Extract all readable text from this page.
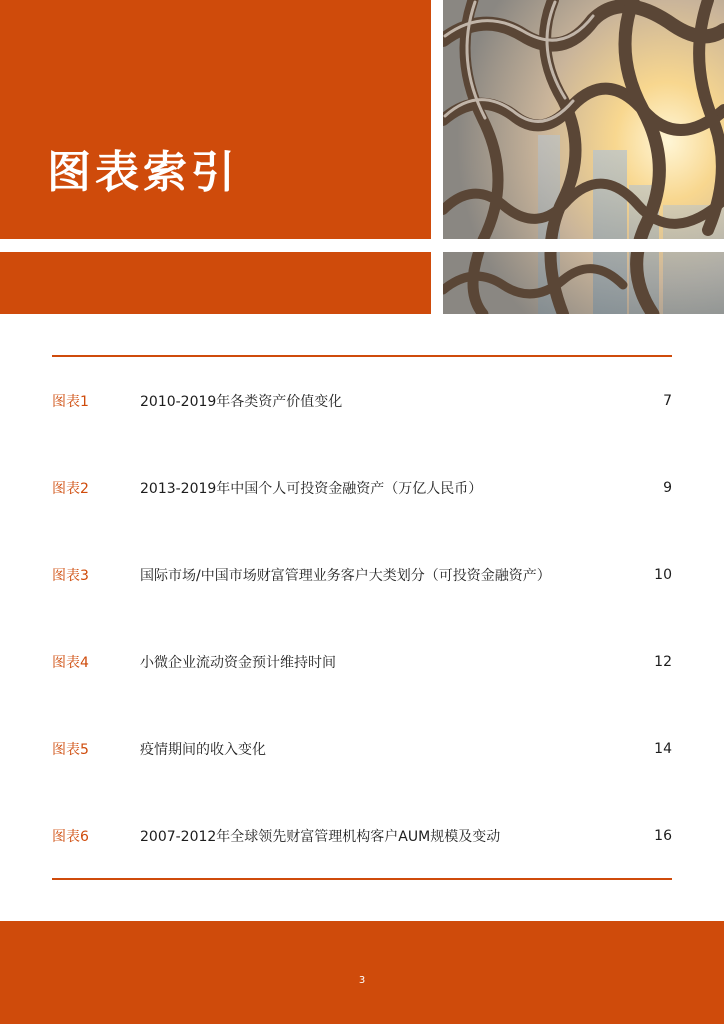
图表索引
图表1	2010-2019年各类资产价值变化	7
图表2	2013-2019年中国个人可投资金融资产（万亿人民币）	9
图表3	国际市场/中国市场财富管理业务客户大类划分（可投资金融资产）	10
图表4	小微企业流动资金预计维持时间	12
图表5	疫情期间的收入变化	14
图表6	2007-2012年全球领先财富管理机构客户AUM规模及变动	16
3
